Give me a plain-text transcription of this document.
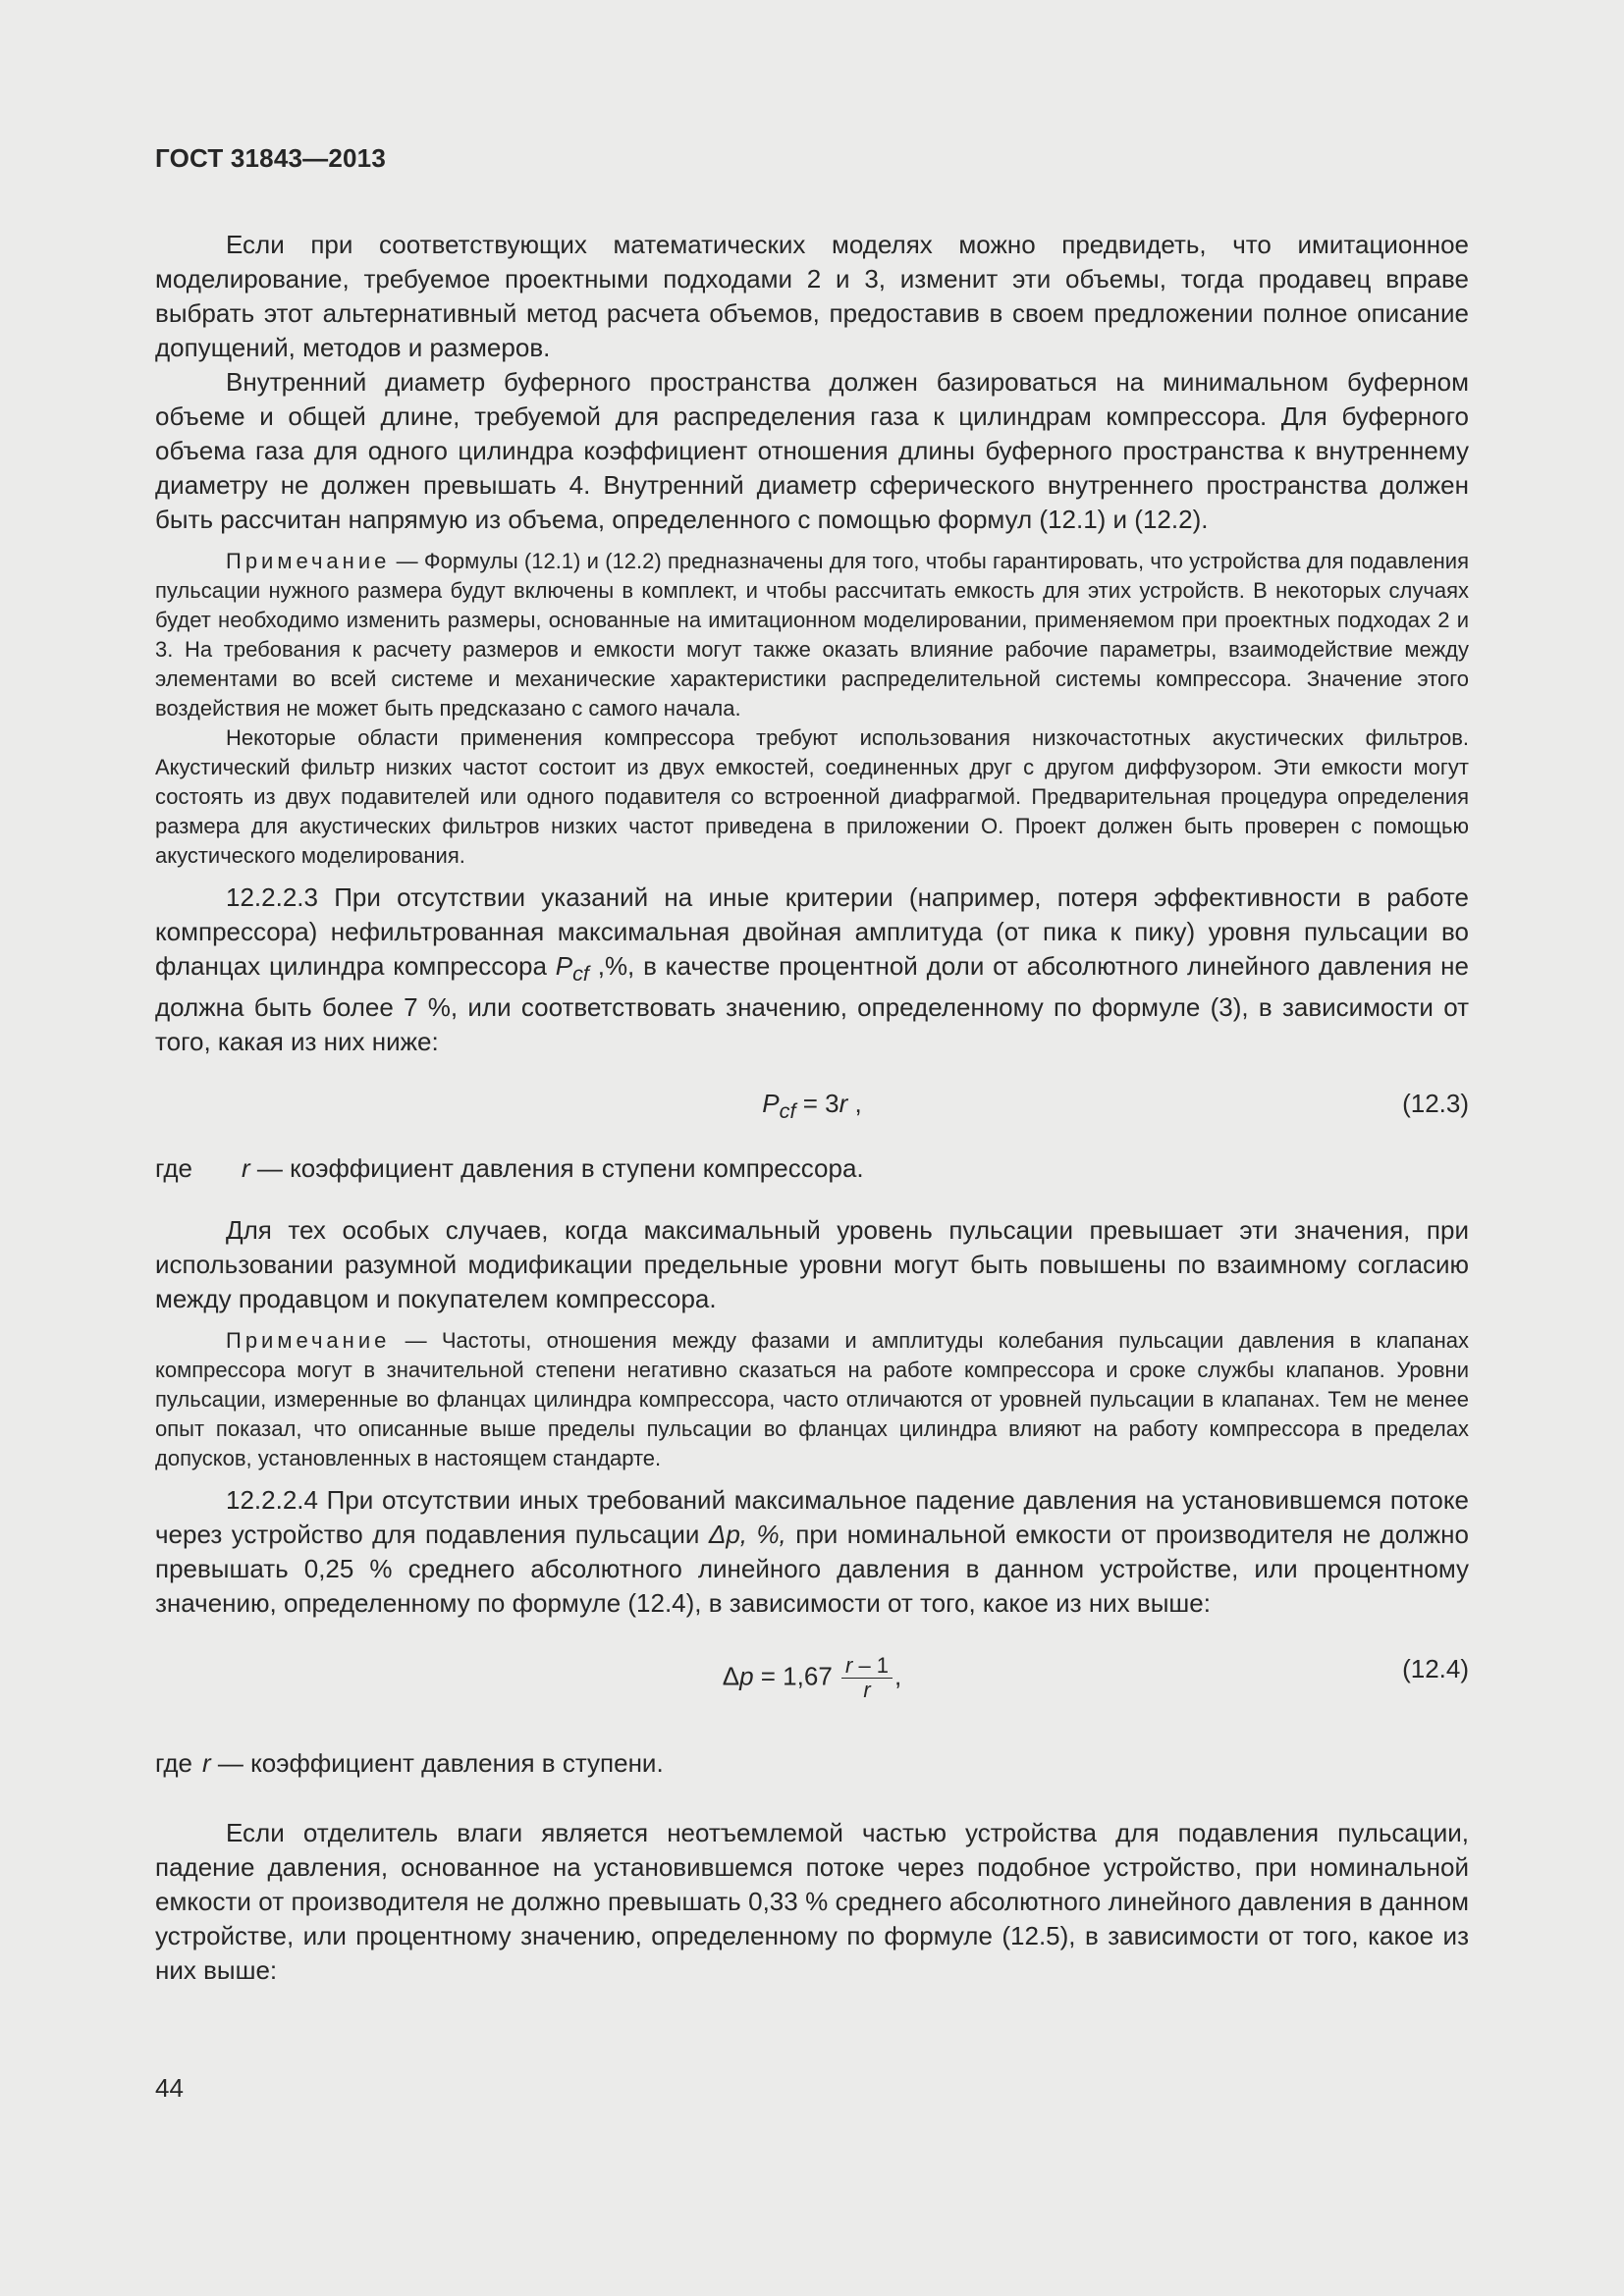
ГОСТ 31843—2013

Если при соответствующих математических моделях можно предвидеть, что имитационное моделирование, требуемое проектными подходами 2 и 3, изменит эти объемы, тогда продавец вправе выбрать этот альтернативный метод расчета объемов, предоставив в своем предложении полное описание допущений, методов и размеров.

Внутренний диаметр буферного пространства должен базироваться на минимальном буферном объеме и общей длине, требуемой для распределения газа к цилиндрам компрессора. Для буферного объема газа для одного цилиндра коэффициент отношения длины буферного пространства к внутреннему диаметру не должен превышать 4. Внутренний диаметр сферического внутреннего пространства должен быть рассчитан напрямую из объема, определенного с помощью формул (12.1) и (12.2).

Примечание — Формулы (12.1) и (12.2) предназначены для того, чтобы гарантировать, что устройства для подавления пульсации нужного размера будут включены в комплект, и чтобы рассчитать емкость для этих устройств. В некоторых случаях будет необходимо изменить размеры, основанные на имитационном моделировании, применяемом при проектных подходах 2 и 3. На требования к расчету размеров и емкости могут также оказать влияние рабочие параметры, взаимодействие между элементами во всей системе и механические характеристики распределительной системы компрессора. Значение этого воздействия не может быть предсказано с самого начала.

Некоторые области применения компрессора требуют использования низкочастотных акустических фильтров. Акустический фильтр низких частот состоит из двух емкостей, соединенных друг с другом диффузором. Эти емкости могут состоять из двух подавителей или одного подавителя со встроенной диафрагмой. Предварительная процедура определения размера для акустических фильтров низких частот приведена в приложении О. Проект должен быть проверен с помощью акустического моделирования.

12.2.2.3 При отсутствии указаний на иные критерии (например, потеря эффективности в работе компрессора) нефильтрованная максимальная двойная амплитуда (от пика к пику) уровня пульсации во фланцах цилиндра компрессора $P_{cf}$ ,%, в качестве процентной доли от абсолютного линейного давления не должна быть более 7 %, или соответствовать значению, определенному по формуле (3), в зависимости от того, какая из них ниже:

$P_{cf} = 3r$ ,	(12.3)
где r — коэффициент давления в ступени компрессора.

Для тех особых случаев, когда максимальный уровень пульсации превышает эти значения, при использовании разумной модификации предельные уровни могут быть повышены по взаимному согласию между продавцом и покупателем компрессора.

Примечание — Частоты, отношения между фазами и амплитуды колебания пульсации давления в клапанах компрессора могут в значительной степени негативно сказаться на работе компрессора и сроке службы клапанов. Уровни пульсации, измеренные во фланцах цилиндра компрессора, часто отличаются от уровней пульсации в клапанах. Тем не менее опыт показал, что описанные выше пределы пульсации во фланцах цилиндра влияют на работу компрессора в пределах допусков, установленных в настоящем стандарте.

12.2.2.4 При отсутствии иных требований максимальное падение давления на установившемся потоке через устройство для подавления пульсации Δp, %, при номинальной емкости от производителя не должно превышать 0,25 % среднего абсолютного линейного давления в данном устройстве, или процентному значению, определенному по формуле (12.4), в зависимости от того, какое из них выше:

$\Delta p = 1,67 \frac{r - 1}{r}$ ,	(12.4)
где r — коэффициент давления в ступени.

Если отделитель влаги является неотъемлемой частью устройства для подавления пульсации, падение давления, основанное на установившемся потоке через подобное устройство, при номинальной емкости от производителя не должно превышать 0,33 % среднего абсолютного линейного давления в данном устройстве, или процентному значению, определенному по формуле (12.5), в зависимости от того, какое из них выше:

44
